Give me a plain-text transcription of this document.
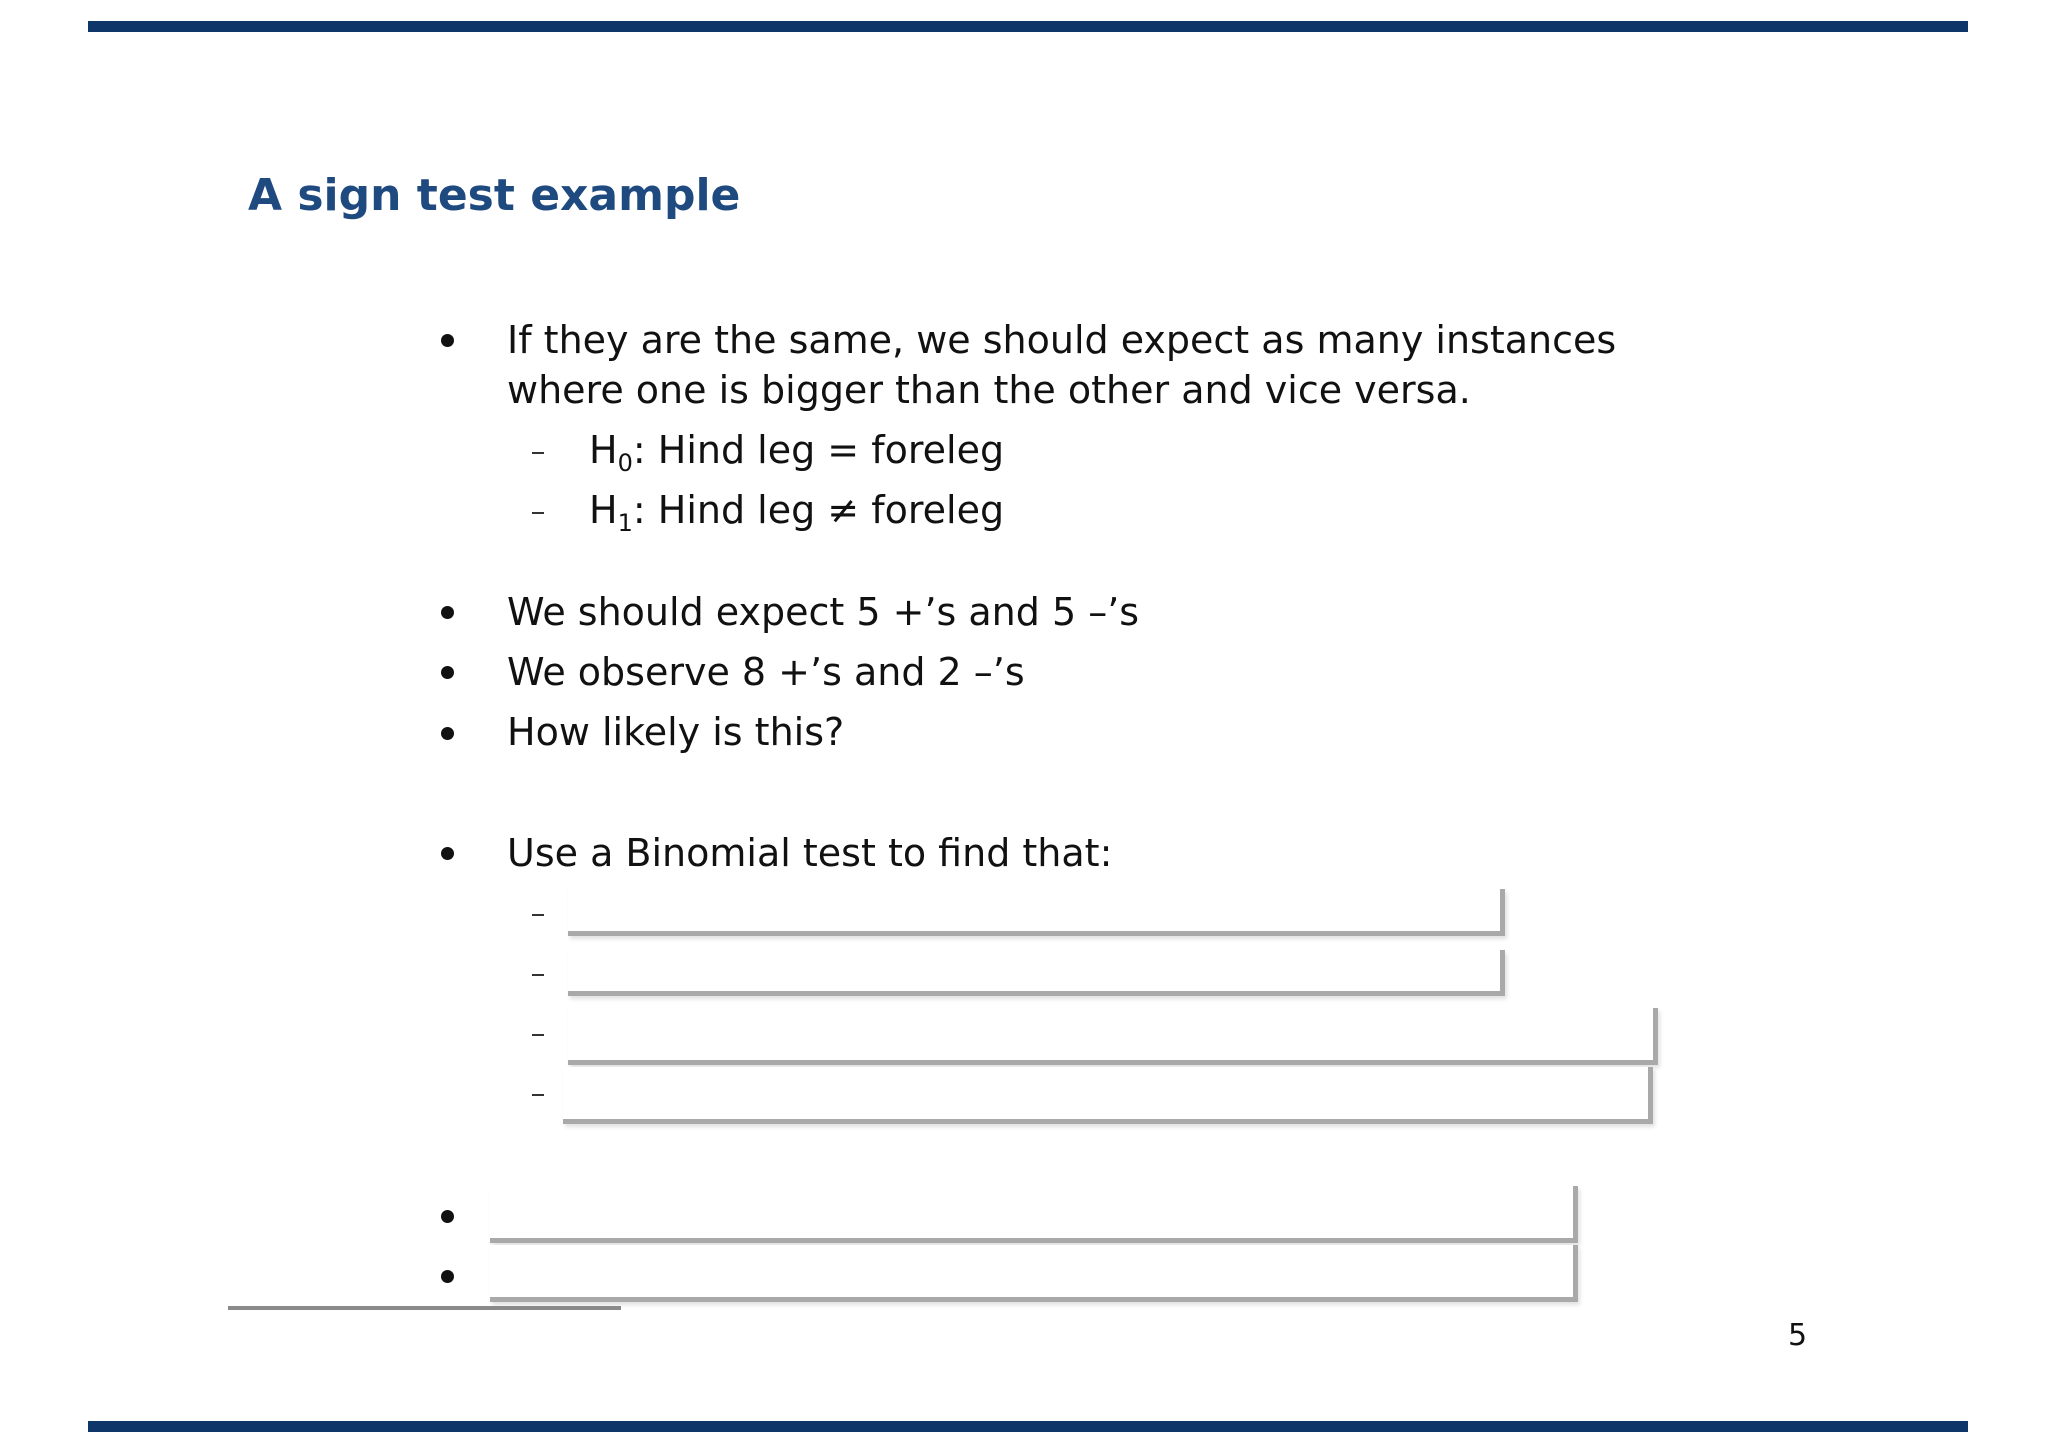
A sign test example
If they are the same, we should expect as many instances
where one is bigger than the other and vice versa.
$H_0$: Hind leg = foreleg
$H_1$: Hind leg ≠ foreleg
We should expect 5 +’s and 5 –’s
We observe 8 +’s and 2 –’s
How likely is this?
Use a Binomial test to find that:
5
